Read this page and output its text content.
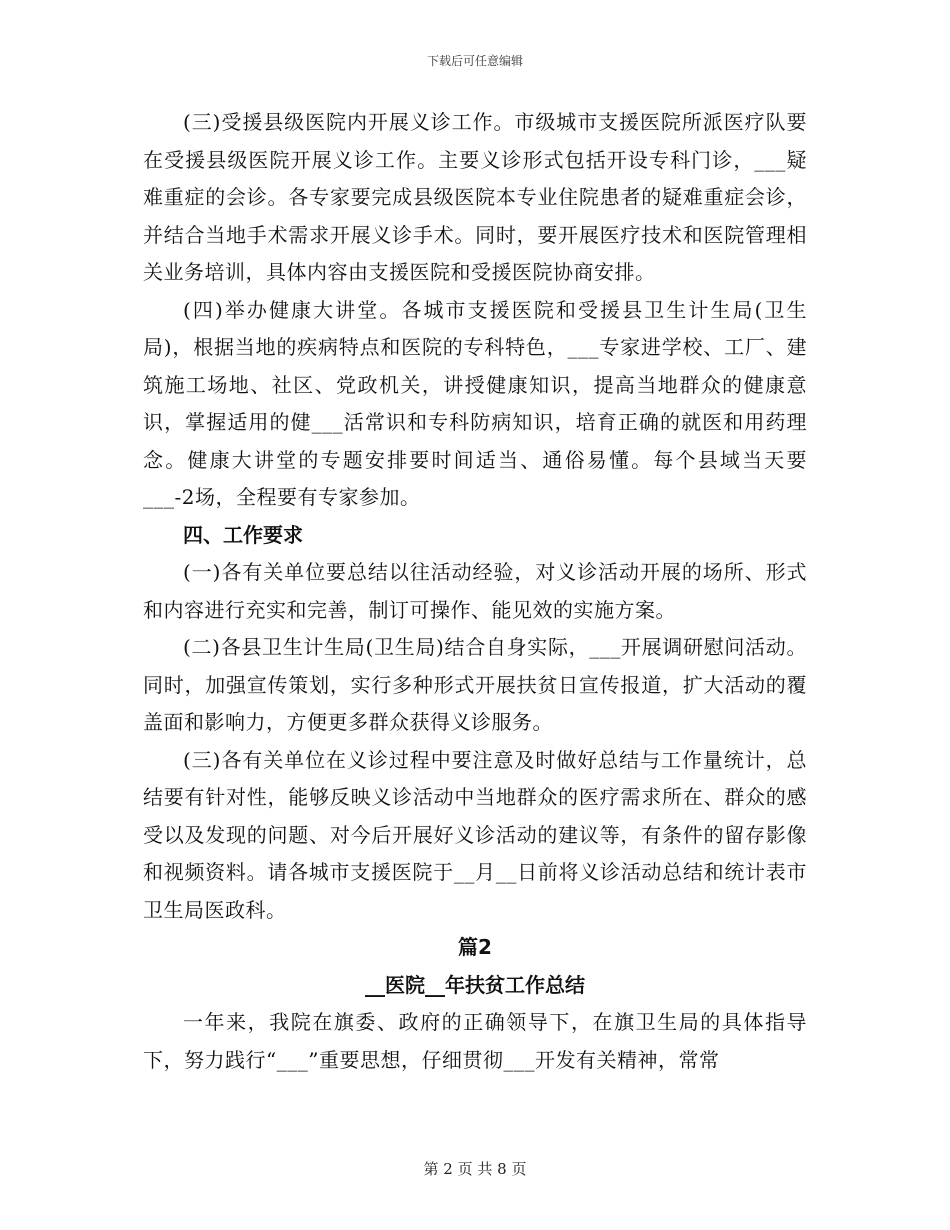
下载后可任意编辑

(三)受援县级医院内开展义诊工作。市级城市支援医院所派医疗队要在受援县级医院开展义诊工作。主要义诊形式包括开设专科门诊，___疑难重症的会诊。各专家要完成县级医院本专业住院患者的疑难重症会诊，并结合当地手术需求开展义诊手术。同时，要开展医疗技术和医院管理相关业务培训，具体内容由支援医院和受援医院协商安排。

(四)举办健康大讲堂。各城市支援医院和受援县卫生计生局(卫生局)，根据当地的疾病特点和医院的专科特色，___专家进学校、工厂、建筑施工场地、社区、党政机关，讲授健康知识，提高当地群众的健康意识，掌握适用的健___活常识和专科防病知识，培育正确的就医和用药理念。健康大讲堂的专题安排要时间适当、通俗易懂。每个县域当天要___-2场，全程要有专家参加。

四、工作要求

(一)各有关单位要总结以往活动经验，对义诊活动开展的场所、形式和内容进行充实和完善，制订可操作、能见效的实施方案。

(二)各县卫生计生局(卫生局)结合自身实际，___开展调研慰问活动。同时，加强宣传策划，实行多种形式开展扶贫日宣传报道，扩大活动的覆盖面和影响力，方便更多群众获得义诊服务。

(三)各有关单位在义诊过程中要注意及时做好总结与工作量统计，总结要有针对性，能够反映义诊活动中当地群众的医疗需求所在、群众的感受以及发现的问题、对今后开展好义诊活动的建议等，有条件的留存影像和视频资料。请各城市支援医院于__月__日前将义诊活动总结和统计表市卫生局医政科。

篇2

__医院__年扶贫工作总结

一年来，我院在旗委、政府的正确领导下，在旗卫生局的具体指导下，努力践行“___”重要思想，仔细贯彻___开发有关精神，常常

第 2 页 共 8 页
